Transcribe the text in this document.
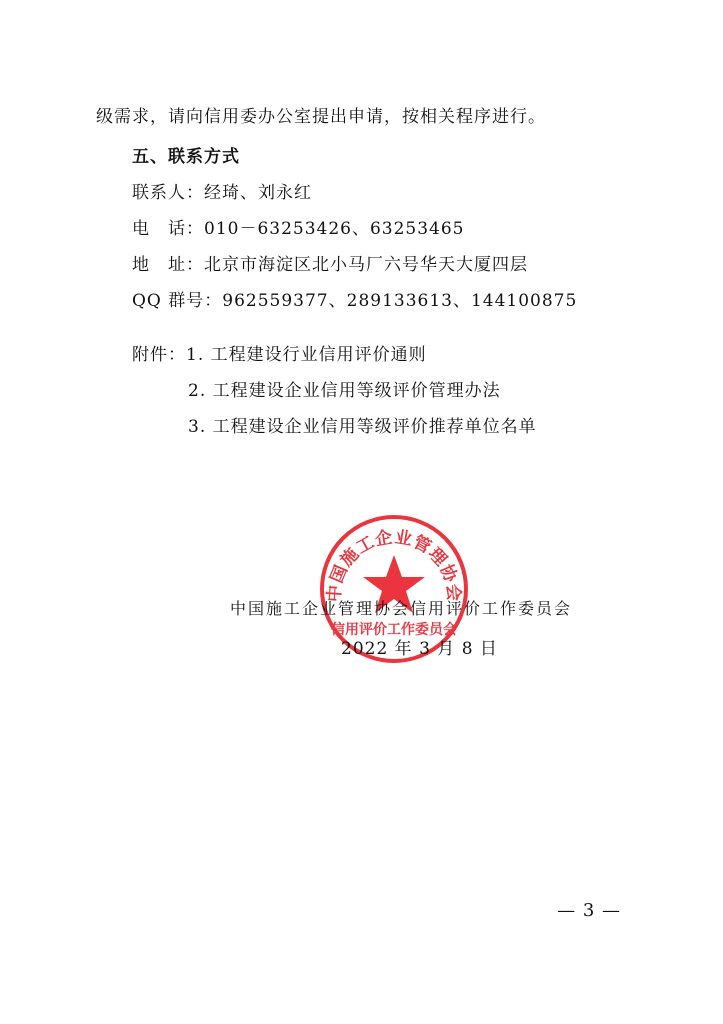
级需求，请向信用委办公室提出申请，按相关程序进行。
五、联系方式
联系人：经琦、刘永红
电　话：010－63253426、63253465
地　址：北京市海淀区北小马厂六号华天大厦四层
QQ 群号：962559377、289133613、144100875
附件：1. 工程建设行业信用评价通则
2. 工程建设企业信用等级评价管理办法
3. 工程建设企业信用等级评价推荐单位名单
中国施工企业管理协会
信用评价工作委员会
中国施工企业管理协会信用评价工作委员会
2022 年 3 月 8 日
— 3 —
